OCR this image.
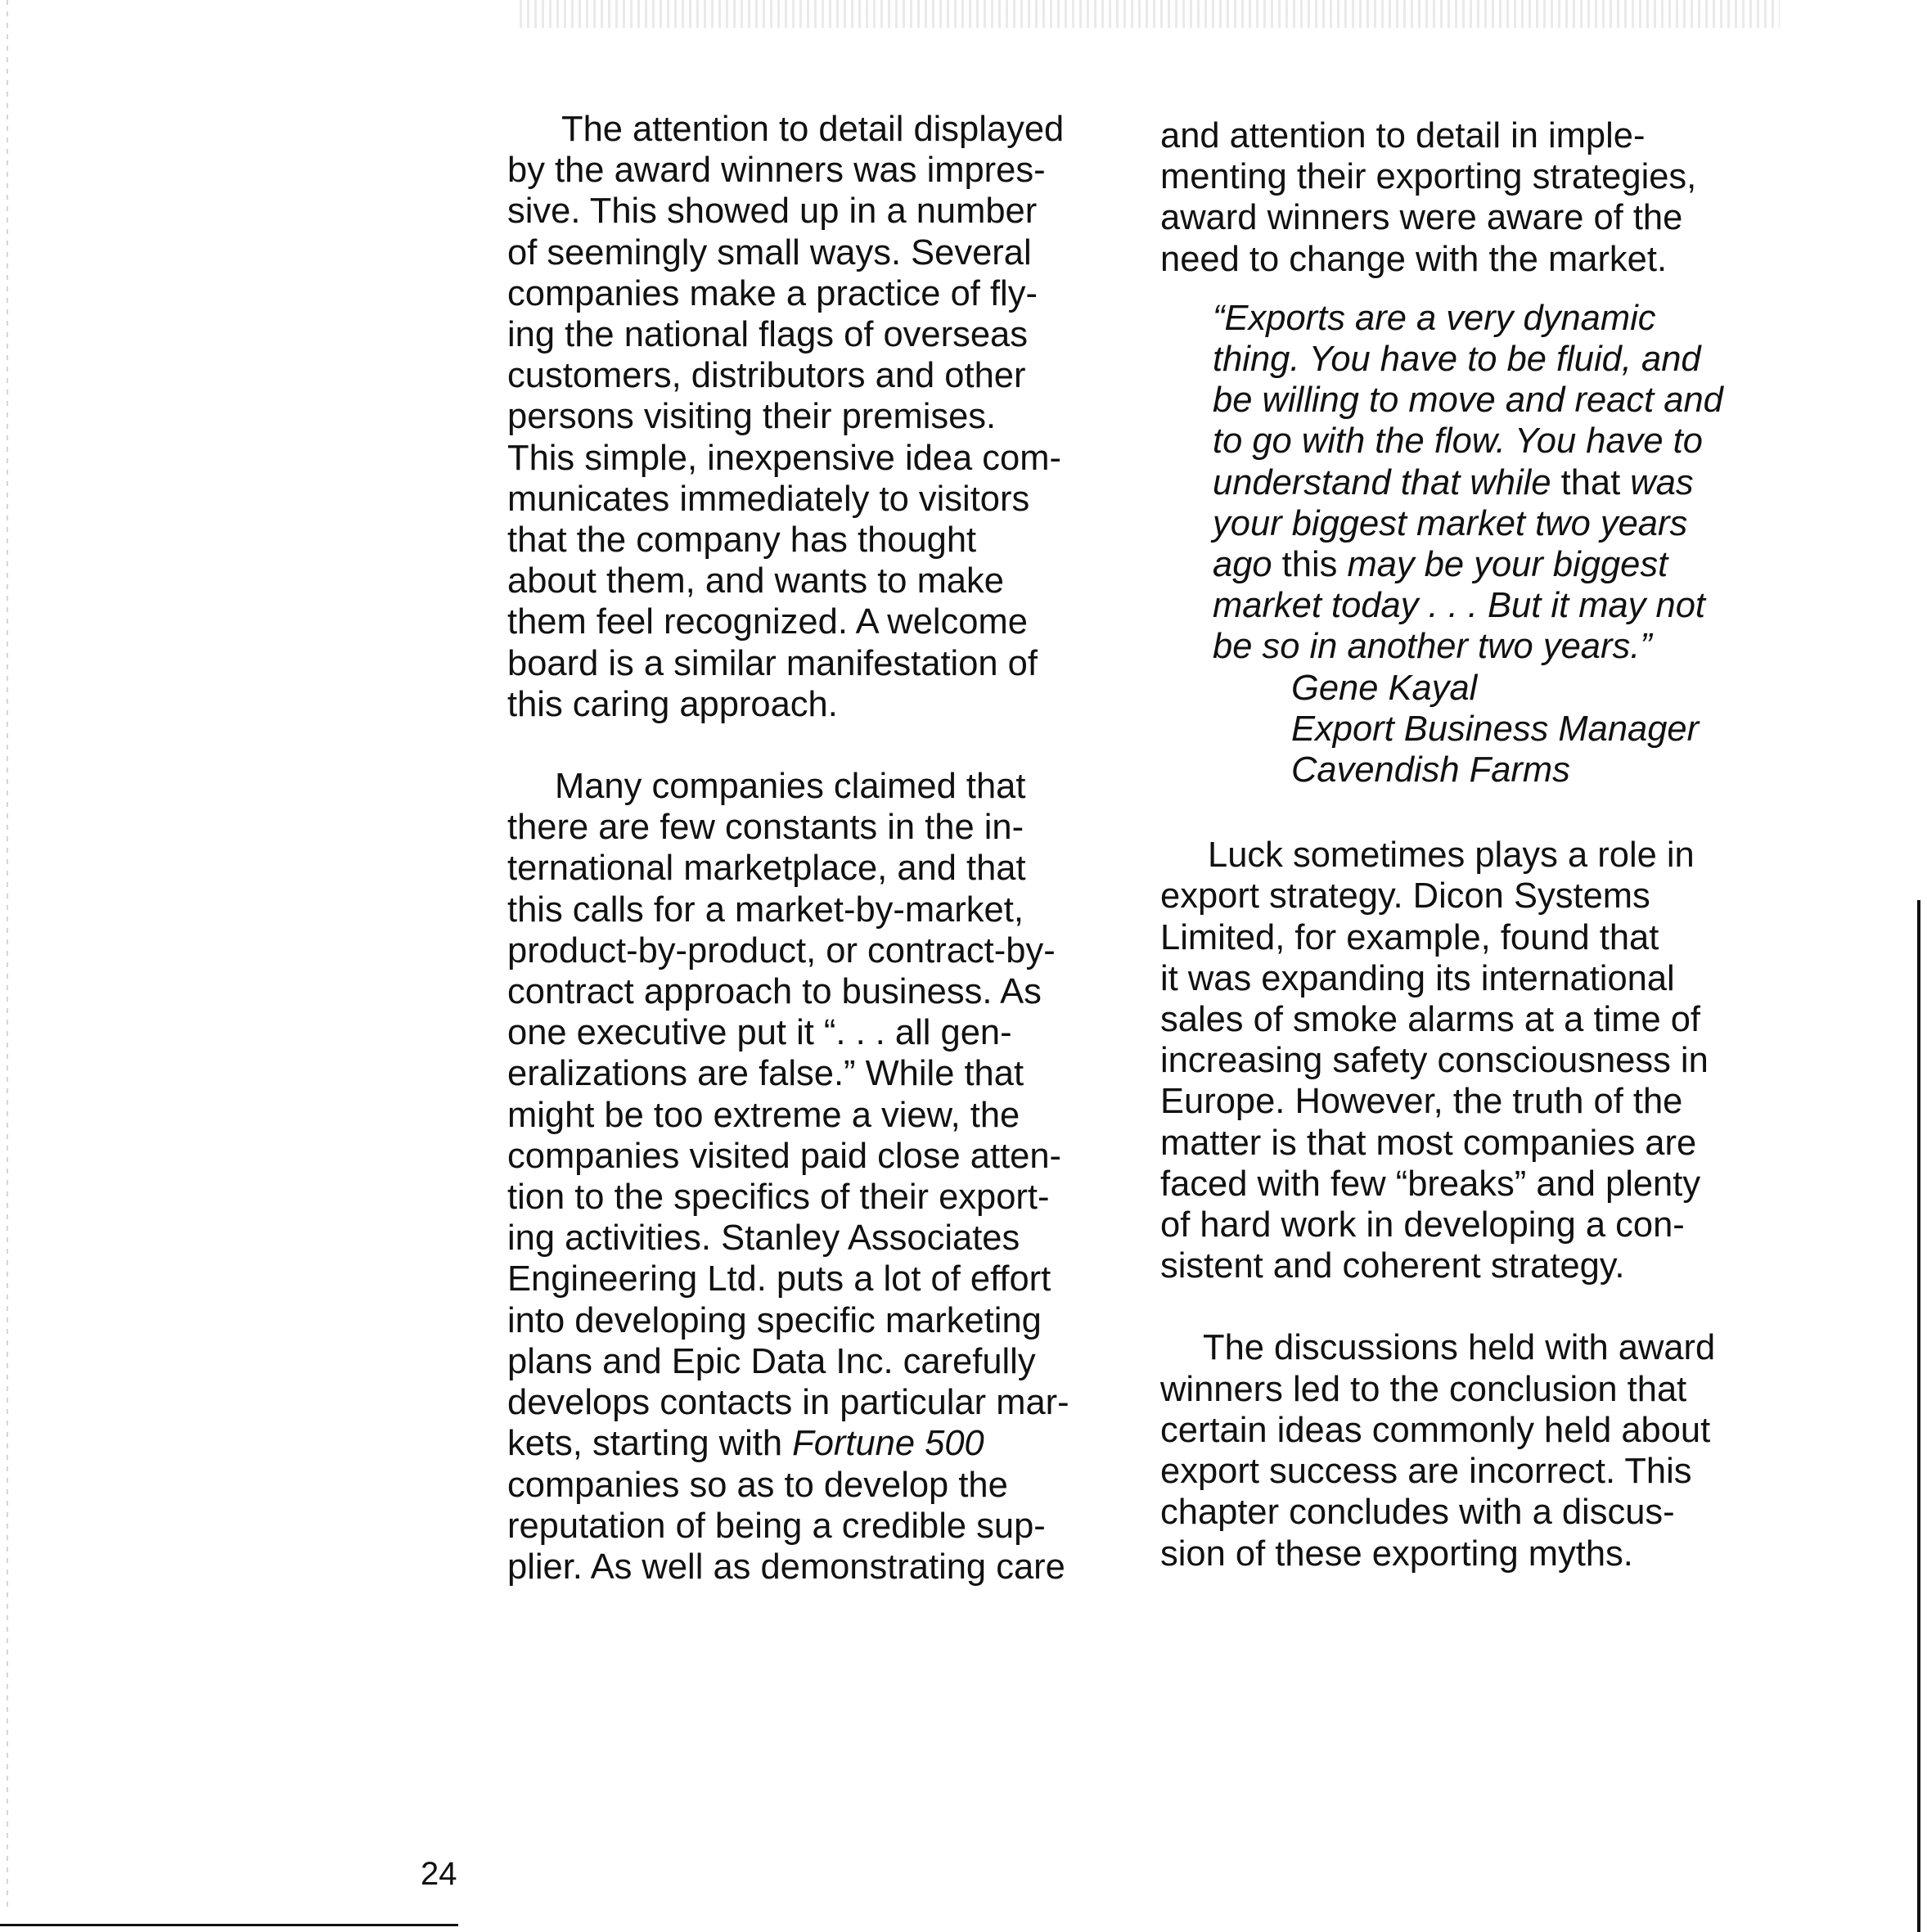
The attention to detail displayed
by the award winners was impres-
sive. This showed up in a number
of seemingly small ways. Several
companies make a practice of fly-
ing the national flags of overseas
customers, distributors and other
persons visiting their premises.
This simple, inexpensive idea com-
municates immediately to visitors
that the company has thought
about them, and wants to make
them feel recognized. A welcome
board is a similar manifestation of
this caring approach.
Many companies claimed that
there are few constants in the in-
ternational marketplace, and that
this calls for a market-by-market,
product-by-product, or contract-by-
contract approach to business. As
one executive put it “. . . all gen-
eralizations are false.” While that
might be too extreme a view, the
companies visited paid close atten-
tion to the specifics of their export-
ing activities. Stanley Associates
Engineering Ltd. puts a lot of effort
into developing specific marketing
plans and Epic Data Inc. carefully
develops contacts in particular mar-
kets, starting with Fortune 500
companies so as to develop the
reputation of being a credible sup-
plier. As well as demonstrating care
and attention to detail in imple-
menting their exporting strategies,
award winners were aware of the
need to change with the market.
“Exports are a very dynamic
thing. You have to be fluid, and
be willing to move and react and
to go with the flow. You have to
understand that while that was
your biggest market two years
ago this may be your biggest
market today . . . But it may not
be so in another two years.”
Gene Kayal
Export Business Manager
Cavendish Farms
Luck sometimes plays a role in
export strategy. Dicon Systems
Limited, for example, found that
it was expanding its international
sales of smoke alarms at a time of
increasing safety consciousness in
Europe. However, the truth of the
matter is that most companies are
faced with few “breaks” and plenty
of hard work in developing a con-
sistent and coherent strategy.
The discussions held with award
winners led to the conclusion that
certain ideas commonly held about
export success are incorrect. This
chapter concludes with a discus-
sion of these exporting myths.
24
